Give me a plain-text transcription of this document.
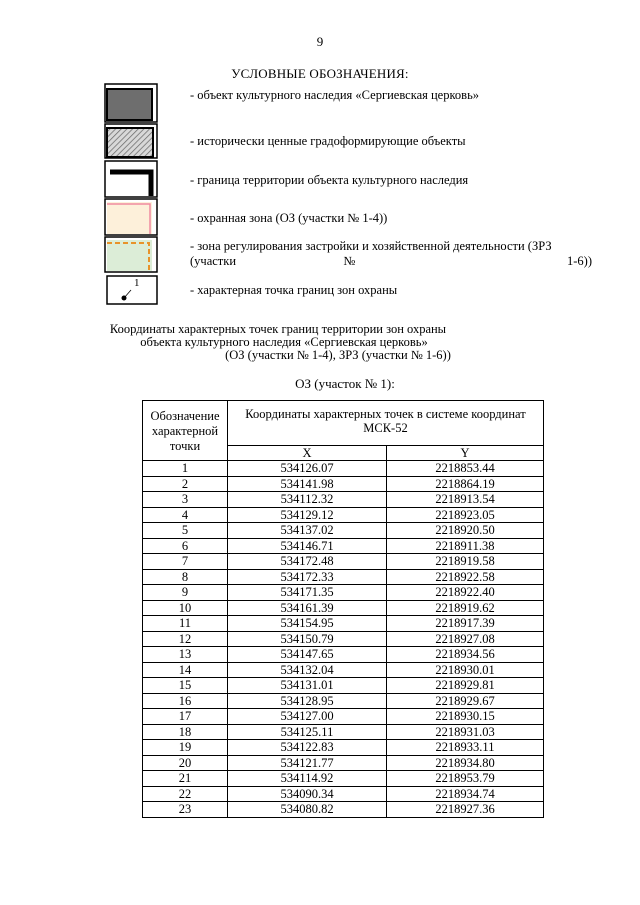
9
УСЛОВНЫЕ ОБОЗНАЧЕНИЯ:
- объект культурного наследия «Сергиевская церковь»
- исторически ценные градоформирующие объекты
- граница территории объекта культурного наследия
- охранная зона (ОЗ (участки № 1-4))
- зона регулирования застройки и хозяйственной деятельности (ЗРЗ (участки № 1-6))
1	- характерная точка границ зон охраны
Координаты характерных точек границ территории зон охраны
объекта культурного наследия «Сергиевская церковь»
(ОЗ (участки № 1-4), ЗРЗ (участки № 1-6))
ОЗ (участок № 1):
Обозначение характерной точки	Координаты характерных точек в системе координат МСК-52	
	X	Y
1	534126.07	2218853.44
2	534141.98	2218864.19
3	534112.32	2218913.54
4	534129.12	2218923.05
5	534137.02	2218920.50
6	534146.71	2218911.38
7	534172.48	2218919.58
8	534172.33	2218922.58
9	534171.35	2218922.40
10	534161.39	2218919.62
11	534154.95	2218917.39
12	534150.79	2218927.08
13	534147.65	2218934.56
14	534132.04	2218930.01
15	534131.01	2218929.81
16	534128.95	2218929.67
17	534127.00	2218930.15
18	534125.11	2218931.03
19	534122.83	2218933.11
20	534121.77	2218934.80
21	534114.92	2218953.79
22	534090.34	2218934.74
23	534080.82	2218927.36
